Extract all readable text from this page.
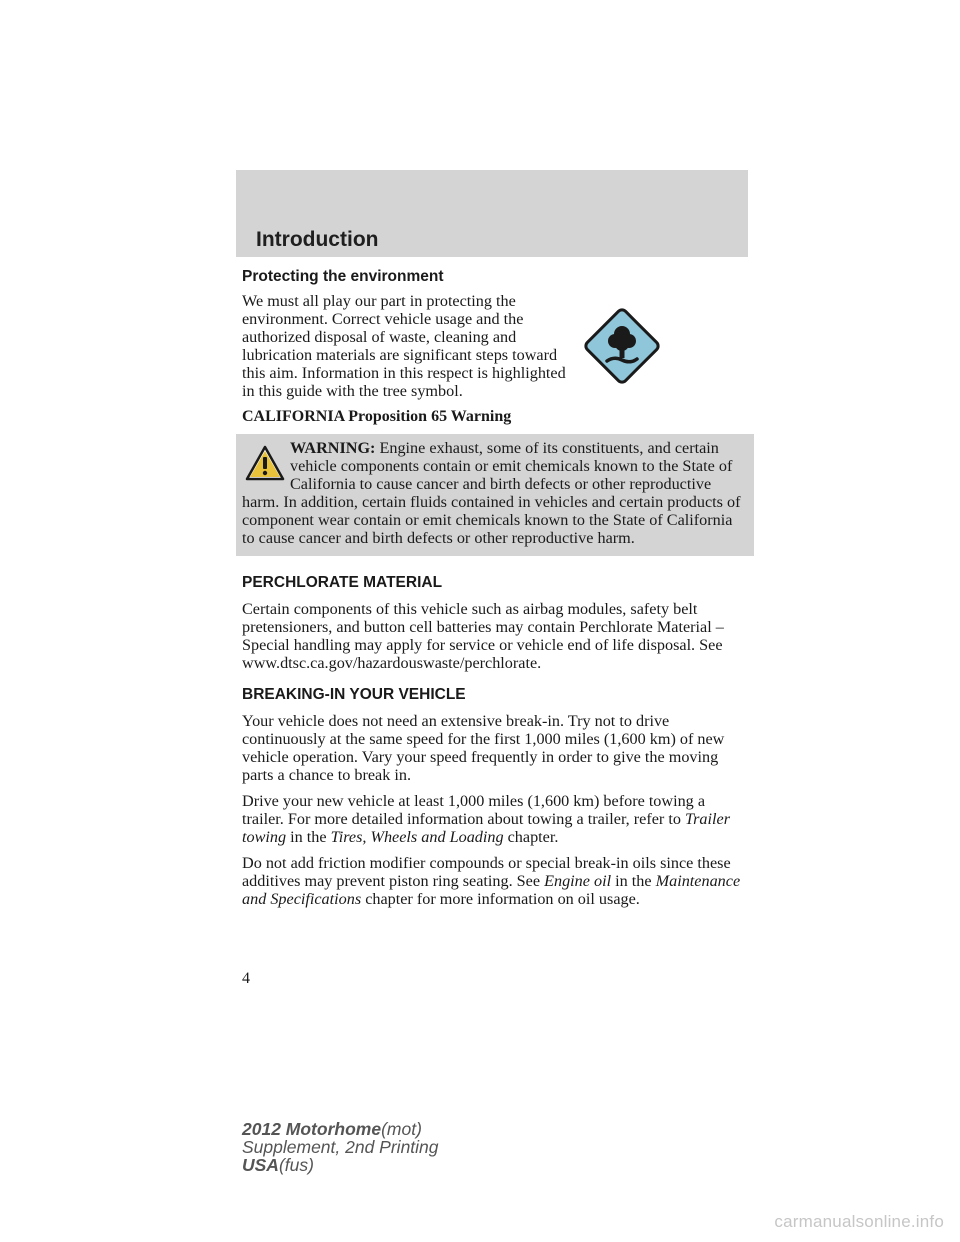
Introduction
Protecting the environment

We must all play our part in protecting the environment. Correct vehicle usage and the authorized disposal of waste, cleaning and lubrication materials are significant steps toward this aim. Information in this respect is highlighted in this guide with the tree symbol.

CALIFORNIA Proposition 65 Warning
WARNING: Engine exhaust, some of its constituents, and certain vehicle components contain or emit chemicals known to the State of California to cause cancer and birth defects or other reproductive harm. In addition, certain fluids contained in vehicles and certain products of component wear contain or emit chemicals known to the State of California to cause cancer and birth defects or other reproductive harm.
PERCHLORATE MATERIAL

Certain components of this vehicle such as airbag modules, safety belt pretensioners, and button cell batteries may contain Perchlorate Material – Special handling may apply for service or vehicle end of life disposal. See www.dtsc.ca.gov/hazardouswaste/perchlorate.

BREAKING-IN YOUR VEHICLE

Your vehicle does not need an extensive break-in. Try not to drive continuously at the same speed for the first 1,000 miles (1,600 km) of new vehicle operation. Vary your speed frequently in order to give the moving parts a chance to break in.

Drive your new vehicle at least 1,000 miles (1,600 km) before towing a trailer. For more detailed information about towing a trailer, refer to Trailer towing in the Tires, Wheels and Loading chapter.

Do not add friction modifier compounds or special break-in oils since these additives may prevent piston ring seating. See Engine oil in the Maintenance and Specifications chapter for more information on oil usage.

4
2012 Motorhome(mot)
Supplement, 2nd Printing
USA(fus)
carmanualsonline.info
